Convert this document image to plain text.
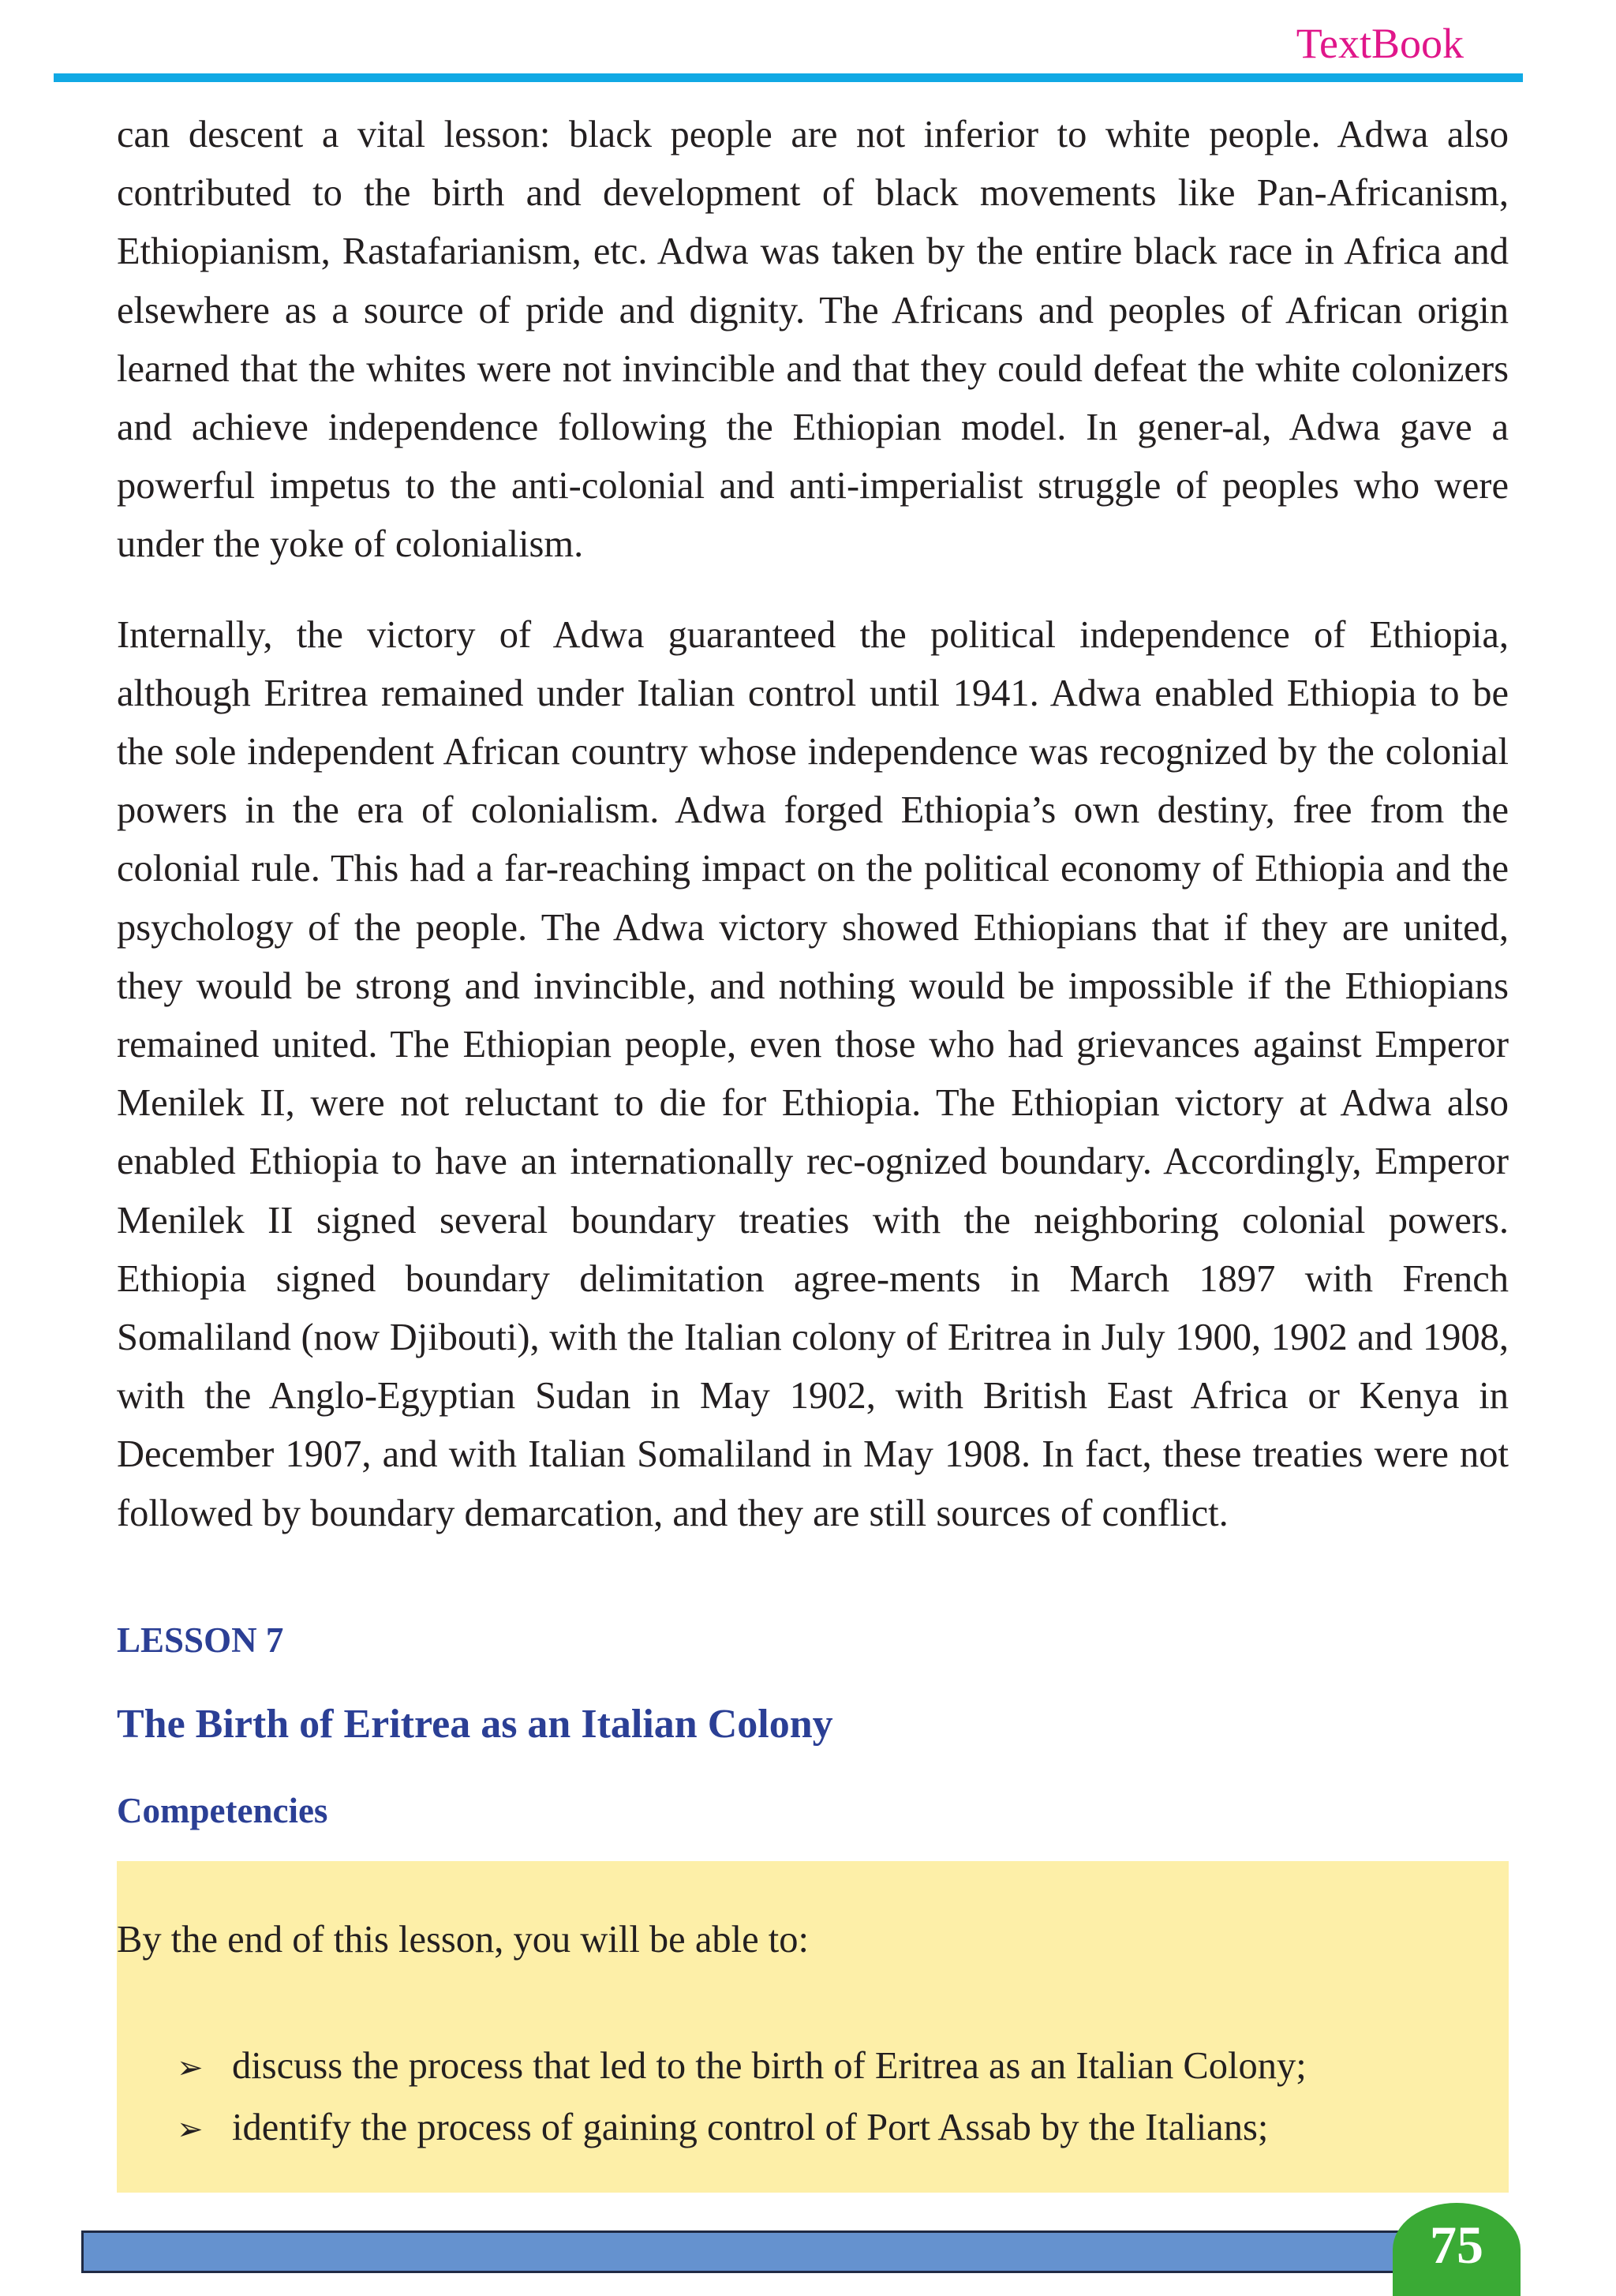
TextBook

can descent a vital lesson: black people are not inferior to white people. Adwa also contributed to the birth and development of black movements like Pan-Africanism, Ethiopianism, Rastafarianism, etc. Adwa was taken by the entire black race in Africa and elsewhere as a source of pride and dignity. The Africans and peoples of African origin learned that the whites were not invincible and that they could defeat the white colonizers and achieve independence following the Ethiopian model. In gener-al, Adwa gave a powerful impetus to the anti-colonial and anti-imperialist struggle of peoples who were under the yoke of colonialism.

Internally, the victory of Adwa guaranteed the political independence of Ethiopia, although Eritrea remained under Italian control until 1941. Adwa enabled Ethiopia to be the sole independent African country whose independence was recognized by the colonial powers in the era of colonialism. Adwa forged Ethiopia’s own destiny, free from the colonial rule. This had a far-reaching impact on the political economy of Ethiopia and the psychology of the people. The Adwa victory showed Ethiopians that if they are united, they would be strong and invincible, and nothing would be impossible if the Ethiopians remained united. The Ethiopian people, even those who had grievances against Emperor Menilek II, were not reluctant to die for Ethiopia. The Ethiopian victory at Adwa also enabled Ethiopia to have an internationally rec-ognized boundary. Accordingly, Emperor Menilek II signed several boundary treaties with the neighboring colonial powers. Ethiopia signed boundary delimitation agree-ments in March 1897 with French Somaliland (now Djibouti), with the Italian colony of Eritrea in July 1900, 1902 and 1908, with the Anglo-Egyptian Sudan in May 1902, with British East Africa or Kenya in December 1907, and with Italian Somaliland in May 1908. In fact, these treaties were not followed by boundary demarcation, and they are still sources of conflict.

LESSON 7
The Birth of Eritrea as an Italian Colony
Competencies

By the end of this lesson, you will be able to:

➢ discuss the process that led to the birth of Eritrea as an Italian Colony;
➢ identify the process of gaining control of Port Assab by the Italians;
75
